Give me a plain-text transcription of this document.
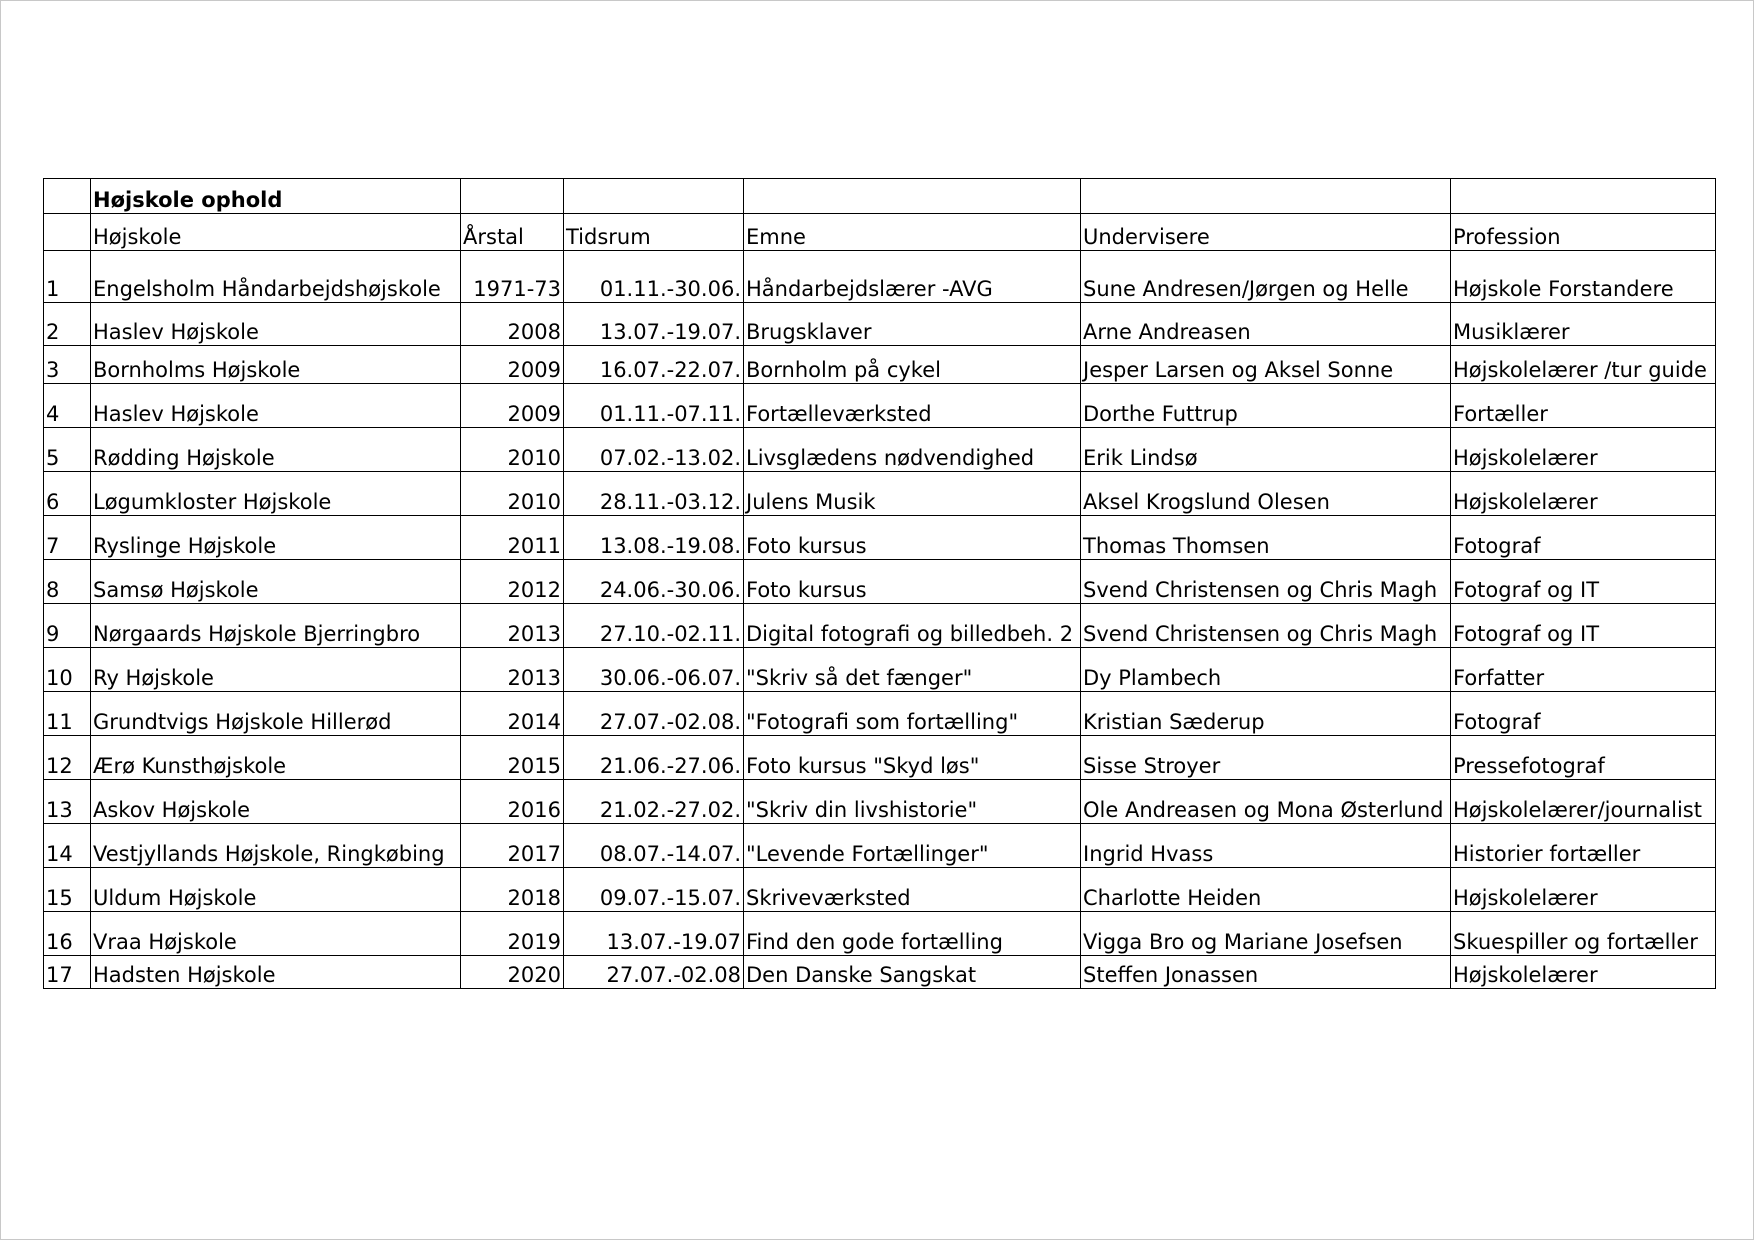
	Højskole ophold					
	Højskole	Årstal	Tidsrum	Emne	Undervisere	Profession
1	Engelsholm Håndarbejdshøjskole	1971-73	01.11.-30.06.	Håndarbejdslærer -AVG	Sune Andresen/Jørgen og Helle	Højskole Forstandere
2	Haslev Højskole	2008	13.07.-19.07.	Brugsklaver	Arne Andreasen	Musiklærer
3	Bornholms Højskole	2009	16.07.-22.07.	Bornholm på cykel	Jesper Larsen og Aksel Sonne	Højskolelærer /tur guide
4	Haslev Højskole	2009	01.11.-07.11.	Fortælleværksted	Dorthe Futtrup	Fortæller
5	Rødding Højskole	2010	07.02.-13.02.	Livsglædens nødvendighed	Erik Lindsø	Højskolelærer
6	Løgumkloster Højskole	2010	28.11.-03.12.	Julens Musik	Aksel Krogslund Olesen	Højskolelærer
7	Ryslinge Højskole	2011	13.08.-19.08.	Foto kursus	Thomas Thomsen	Fotograf
8	Samsø Højskole	2012	24.06.-30.06.	Foto kursus	Svend Christensen og Chris Magh	Fotograf og IT
9	Nørgaards Højskole Bjerringbro	2013	27.10.-02.11.	Digital fotografi og billedbeh. 2	Svend Christensen og Chris Magh	Fotograf og IT
10	Ry Højskole	2013	30.06.-06.07.	"Skriv så det fænger"	Dy Plambech	Forfatter
11	Grundtvigs Højskole Hillerød	2014	27.07.-02.08.	"Fotografi som fortælling"	Kristian Sæderup	Fotograf
12	Ærø Kunsthøjskole	2015	21.06.-27.06.	Foto kursus "Skyd løs"	Sisse Stroyer	Pressefotograf
13	Askov Højskole	2016	21.02.-27.02.	"Skriv din livshistorie"	Ole Andreasen og Mona Østerlund	Højskolelærer/journalist
14	Vestjyllands Højskole, Ringkøbing	2017	08.07.-14.07.	"Levende Fortællinger"	Ingrid Hvass	Historier fortæller
15	Uldum Højskole	2018	09.07.-15.07.	Skriveværksted	Charlotte Heiden	Højskolelærer
16	Vraa Højskole	2019	13.07.-19.07	Find den gode fortælling	Vigga Bro og Mariane Josefsen	Skuespiller og fortæller
17	Hadsten Højskole	2020	27.07.-02.08	Den Danske Sangskat	Steffen Jonassen	Højskolelærer
